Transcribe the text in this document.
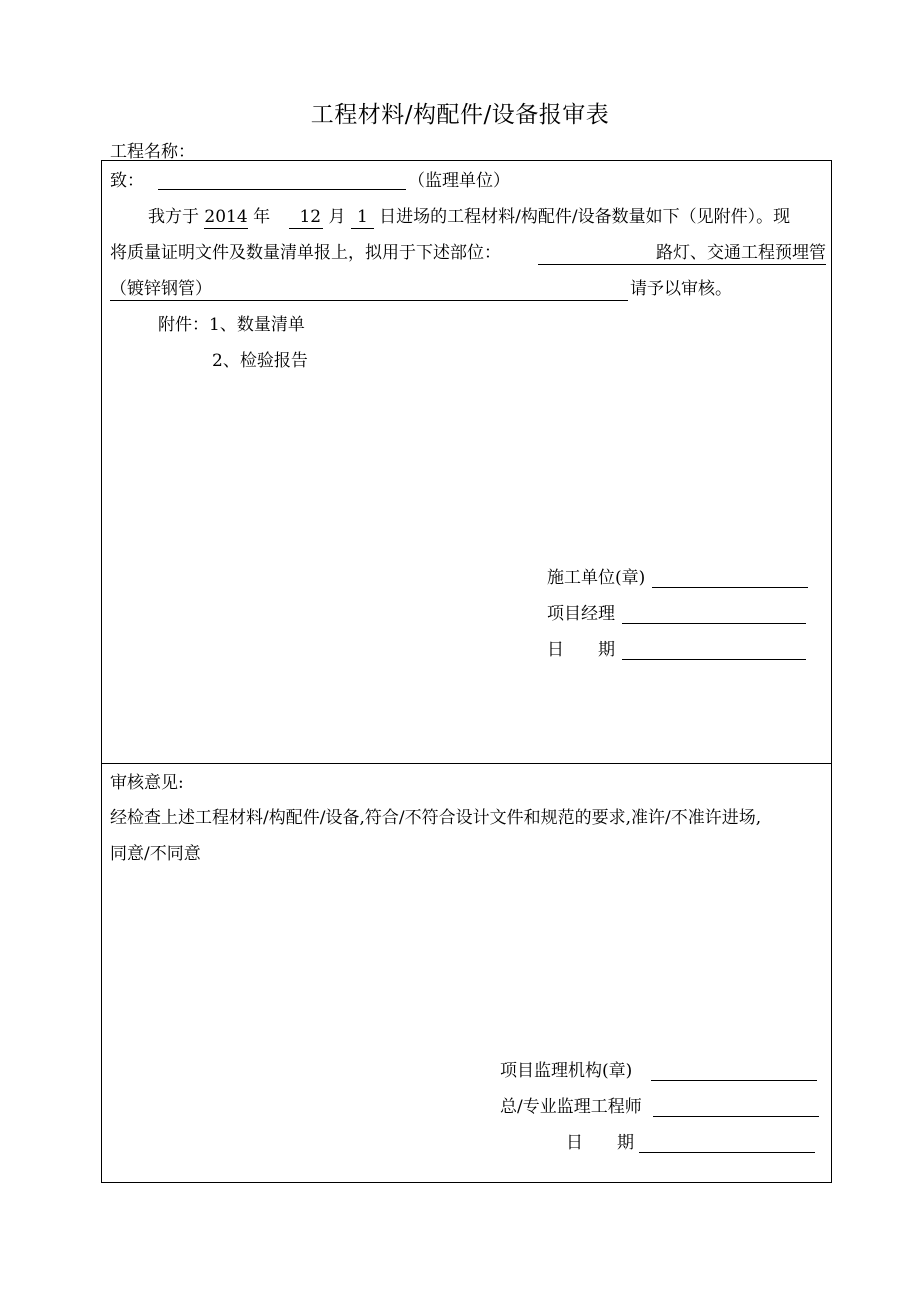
工程材料/构配件/设备报审表
工程名称：
致：	（监理单位）
我方于 2014 年 12 月 1 日进场的工程材料/构配件/设备数量如下（见附件）。现
将质量证明文件及数量清单报上，拟用于下述部位：	路灯、交通工程预埋管
（镀锌钢管）	请予以审核。
附件：1、数量清单
2、检验报告
施工单位(章)
项目经理
日　　期
审核意见:
经检查上述工程材料/构配件/设备,符合/不符合设计文件和规范的要求,准许/不准许进场,
同意/不同意
项目监理机构(章)
总/专业监理工程师
日　　期
